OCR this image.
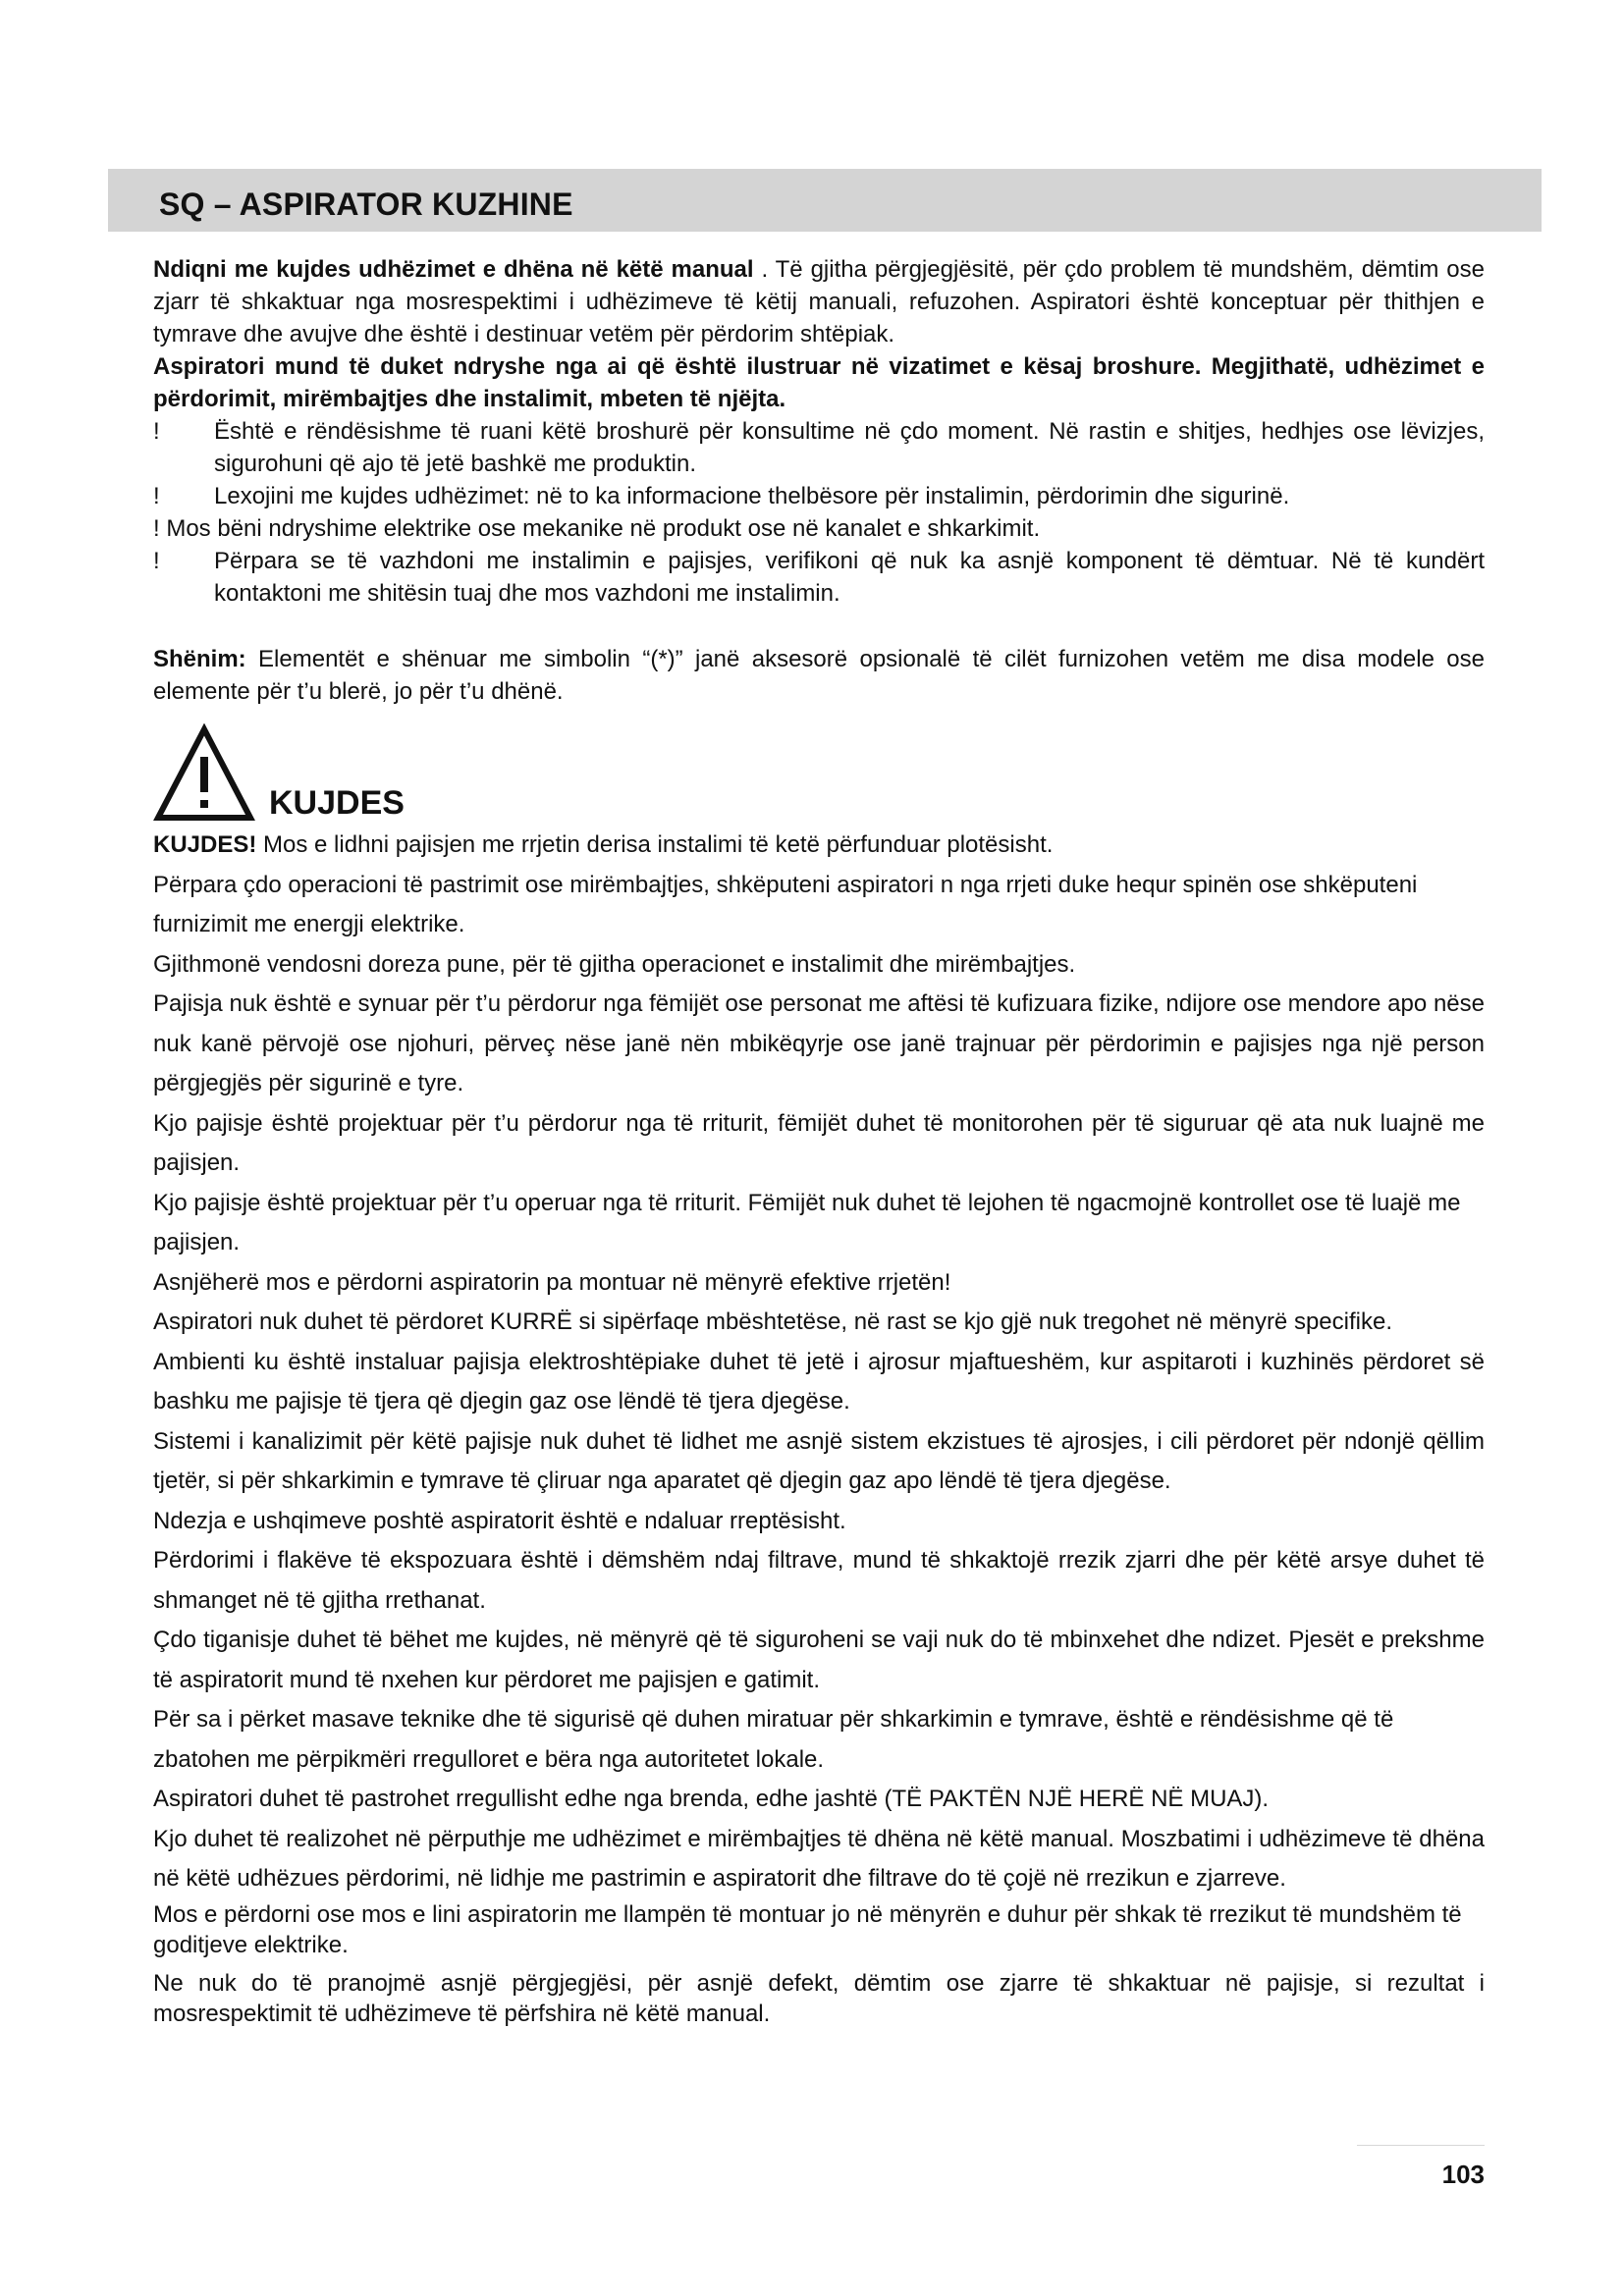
SQ – ASPIRATOR KUZHINE

Ndiqni me kujdes udhëzimet e dhëna në këtë manual . Të gjitha përgjegjësitë, për çdo problem të mundshëm, dëmtim ose zjarr të shkaktuar nga mosrespektimi i udhëzimeve të këtij manuali, refuzohen. Aspiratori është konceptuar për thithjen e tymrave dhe avujve dhe është i destinuar vetëm për përdorim shtëpiak.

Aspiratori mund të duket ndryshe nga ai që është ilustruar në vizatimet e kësaj broshure. Megjithatë, udhëzimet e përdorimit, mirëmbajtjes dhe instalimit, mbeten të njëjta.

!	Është e rëndësishme të ruani këtë broshurë për konsultime në çdo moment. Në rastin e shitjes, hedhjes ose lëvizjes, sigurohuni që ajo të jetë bashkë me produktin.
!	Lexojini me kujdes udhëzimet: në to ka informacione thelbësore për instalimin, përdorimin dhe sigurinë.

! Mos bëni ndryshime elektrike ose mekanike në produkt ose në kanalet e shkarkimit.

!	Përpara se të vazhdoni me instalimin e pajisjes, verifikoni që nuk ka asnjë komponent të dëmtuar. Në të kundërt kontaktoni me shitësin tuaj dhe mos vazhdoni me instalimin.

Shënim: Elementët e shënuar me simbolin “(*)” janë aksesorë opsionalë të cilët furnizohen vetëm me disa modele ose elemente për t’u blerë, jo për t’u dhënë.

KUJDES

KUJDES! Mos e lidhni pajisjen me rrjetin derisa instalimi të ketë përfunduar plotësisht.

Përpara çdo operacioni të pastrimit ose mirëmbajtjes, shkëputeni aspiratori n nga rrjeti duke hequr spinën ose shkëputeni furnizimit me energji elektrike.

Gjithmonë vendosni doreza pune, për të gjitha operacionet e instalimit dhe mirëmbajtjes.

Pajisja nuk është e synuar për t’u përdorur nga fëmijët ose personat me aftësi të kufizuara fizike, ndijore ose mendore apo nëse nuk kanë përvojë ose njohuri, përveç nëse janë nën mbikëqyrje ose janë trajnuar për përdorimin e pajisjes nga një person përgjegjës për sigurinë e tyre.

Kjo pajisje është projektuar për t’u përdorur nga të rriturit, fëmijët duhet të monitorohen për të siguruar që ata nuk luajnë me pajisjen.

Kjo pajisje është projektuar për t’u operuar nga të rriturit. Fëmijët nuk duhet të lejohen të ngacmojnë kontrollet ose të luajë me pajisjen.

Asnjëherë mos e përdorni aspiratorin pa montuar në mënyrë efektive rrjetën!

Aspiratori nuk duhet të përdoret KURRË si sipërfaqe mbështetëse, në rast se kjo gjë nuk tregohet në mënyrë specifike.

Ambienti ku është instaluar pajisja elektroshtëpiake duhet të jetë i ajrosur mjaftueshëm, kur aspitaroti i kuzhinës përdoret së bashku me pajisje të tjera që djegin gaz ose lëndë të tjera djegëse.

Sistemi i kanalizimit për këtë pajisje nuk duhet të lidhet me asnjë sistem ekzistues të ajrosjes, i cili përdoret për ndonjë qëllim tjetër, si për shkarkimin e tymrave të çliruar nga aparatet që djegin gaz apo lëndë të tjera djegëse.

Ndezja e ushqimeve poshtë aspiratorit është e ndaluar rreptësisht.

Përdorimi i flakëve të ekspozuara është i dëmshëm ndaj filtrave, mund të shkaktojë rrezik zjarri dhe për këtë arsye duhet të shmanget në të gjitha rrethanat.

Çdo tiganisje duhet të bëhet me kujdes, në mënyrë që të siguroheni se vaji nuk do të mbinxehet dhe ndizet. Pjesët e prekshme të aspiratorit mund të nxehen kur përdoret me pajisjen e gatimit.

Për sa i përket masave teknike dhe të sigurisë që duhen miratuar për shkarkimin e tymrave, është e rëndësishme që të zbatohen me përpikmëri rregulloret e bëra nga autoritetet lokale.

Aspiratori duhet të pastrohet rregullisht edhe nga brenda, edhe jashtë (TË PAKTËN NJË HERË NË MUAJ).

Kjo duhet të realizohet në përputhje me udhëzimet e mirëmbajtjes të dhëna në këtë manual. Moszbatimi i udhëzimeve të dhëna në këtë udhëzues përdorimi, në lidhje me pastrimin e aspiratorit dhe filtrave do të çojë në rrezikun e zjarreve.

Mos e përdorni ose mos e lini aspiratorin me llampën të montuar jo në mënyrën e duhur për shkak të rrezikut të mundshëm të goditjeve elektrike.

Ne nuk do të pranojmë asnjë përgjegjësi, për asnjë defekt, dëmtim ose zjarre të shkaktuar në pajisje, si rezultat i mosrespektimit të udhëzimeve të përfshira në këtë manual.

103
